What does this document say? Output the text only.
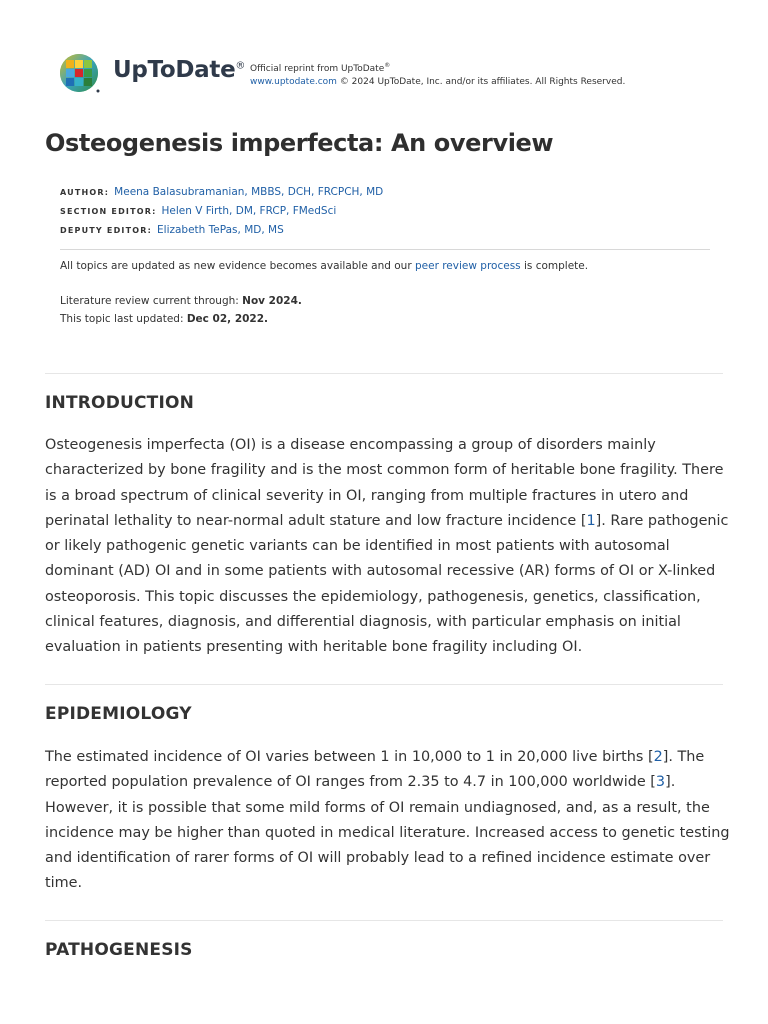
UpToDate® Official reprint from UpToDate®
www.uptodate.com © 2024 UpToDate, Inc. and/or its affiliates. All Rights Reserved.
Osteogenesis imperfecta: An overview
AUTHOR : Meena Balasubramanian, MBBS, DCH, FRCPCH, MD
SECTION EDITOR : Helen V Firth, DM, FRCP, FMedSci
DEPUTY EDITOR : Elizabeth TePas, MD, MS
All topics are updated as new evidence becomes available and our peer review process is complete.
Literature review current through: Nov 2024.
This topic last updated: Dec 02, 2022.
INTRODUCTION

Osteogenesis imperfecta (OI) is a disease encompassing a group of disorders mainly characterized by bone fragility and is the most common form of heritable bone fragility. There is a broad spectrum of clinical severity in OI, ranging from multiple fractures in utero and perinatal lethality to near-normal adult stature and low fracture incidence [1]. Rare pathogenic or likely pathogenic genetic variants can be identified in most patients with autosomal dominant (AD) OI and in some patients with autosomal recessive (AR) forms of OI or X-linked osteoporosis. This topic discusses the epidemiology, pathogenesis, genetics, classification, clinical features, diagnosis, and differential diagnosis, with particular emphasis on initial evaluation in patients presenting with heritable bone fragility including OI.

EPIDEMIOLOGY

The estimated incidence of OI varies between 1 in 10,000 to 1 in 20,000 live births [2]. The reported population prevalence of OI ranges from 2.35 to 4.7 in 100,000 worldwide [3]. However, it is possible that some mild forms of OI remain undiagnosed, and, as a result, the incidence may be higher than quoted in medical literature. Increased access to genetic testing and identification of rarer forms of OI will probably lead to a refined incidence estimate over time.

PATHOGENESIS
